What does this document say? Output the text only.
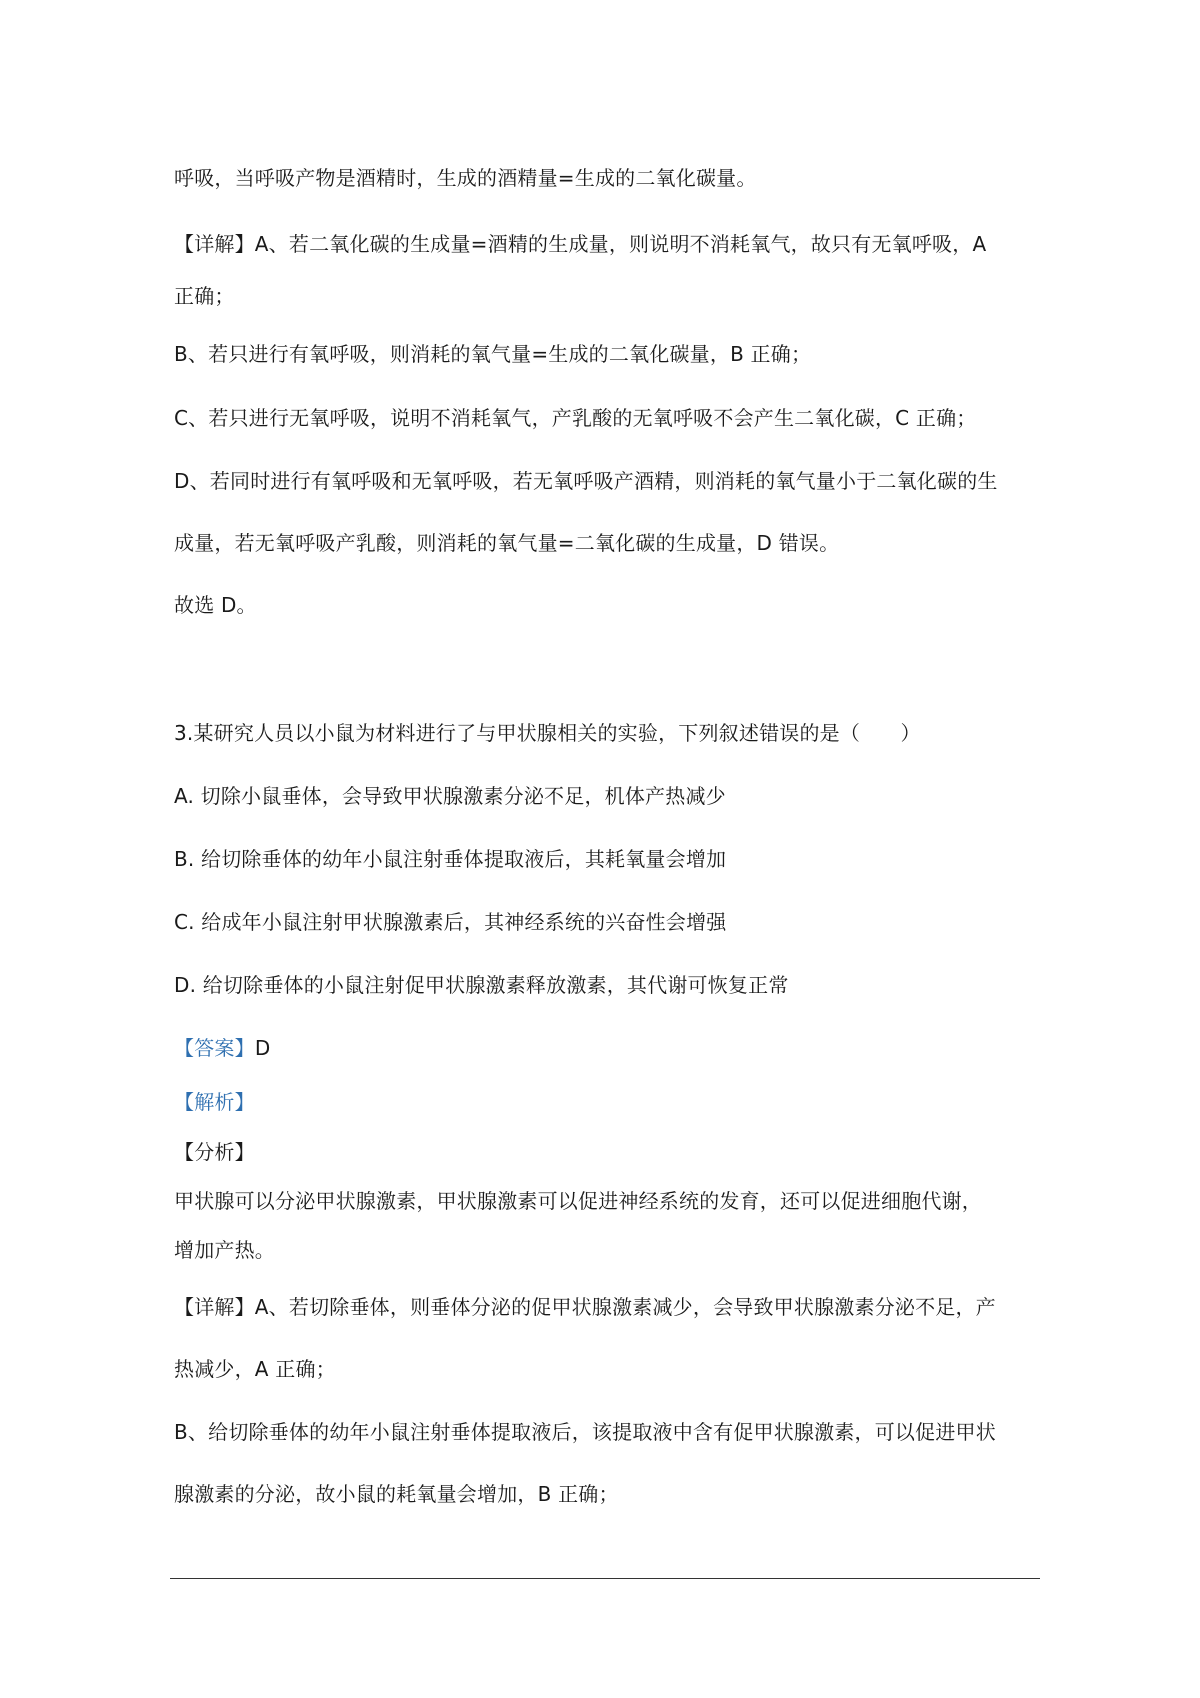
呼吸，当呼吸产物是酒精时，生成的酒精量=生成的二氧化碳量。
【详解】A、若二氧化碳的生成量=酒精的生成量，则说明不消耗氧气，故只有无氧呼吸，A
正确；
B、若只进行有氧呼吸，则消耗的氧气量=生成的二氧化碳量，B 正确；
C、若只进行无氧呼吸，说明不消耗氧气，产乳酸的无氧呼吸不会产生二氧化碳，C 正确；
D、若同时进行有氧呼吸和无氧呼吸，若无氧呼吸产酒精，则消耗的氧气量小于二氧化碳的生
成量，若无氧呼吸产乳酸，则消耗的氧气量=二氧化碳的生成量，D 错误。
故选 D。
3.某研究人员以小鼠为材料进行了与甲状腺相关的实验，下列叙述错误的是（　　）
A. 切除小鼠垂体，会导致甲状腺激素分泌不足，机体产热减少
B. 给切除垂体的幼年小鼠注射垂体提取液后，其耗氧量会增加
C. 给成年小鼠注射甲状腺激素后，其神经系统的兴奋性会增强
D. 给切除垂体的小鼠注射促甲状腺激素释放激素，其代谢可恢复正常
【答案】D
【解析】
【分析】
甲状腺可以分泌甲状腺激素，甲状腺激素可以促进神经系统的发育，还可以促进细胞代谢，
增加产热。
【详解】A、若切除垂体，则垂体分泌的促甲状腺激素减少，会导致甲状腺激素分泌不足，产
热减少，A 正确；
B、给切除垂体的幼年小鼠注射垂体提取液后，该提取液中含有促甲状腺激素，可以促进甲状
腺激素的分泌，故小鼠的耗氧量会增加，B 正确；
